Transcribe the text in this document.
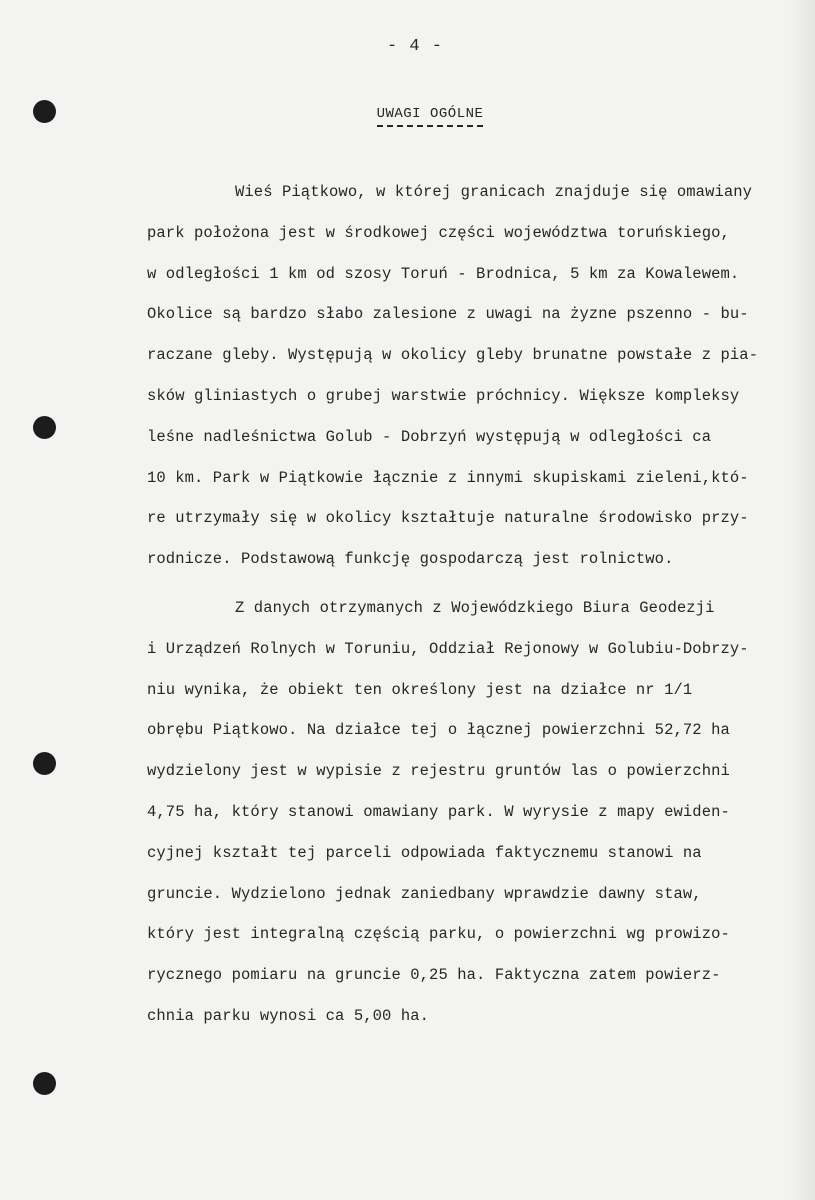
- 4 -
UWAGI OGÓLNE
Wieś Piątkowo, w której granicach znajduje się omawiany
park położona jest w środkowej części województwa toruńskiego,
w odległości 1 km od szosy Toruń - Brodnica, 5 km za Kowalewem.
Okolice są bardzo słabo zalesione z uwagi na żyzne pszenno - bu-
raczane gleby. Występują w okolicy gleby brunatne powstałe z pia-
sków gliniastych o grubej warstwie próchnicy. Większe kompleksy
leśne nadleśnictwa Golub - Dobrzyń występują w odległości ca
10 km. Park w Piątkowie łącznie z innymi skupiskami zieleni,któ-
re utrzymały się w okolicy kształtuje naturalne środowisko przy-
rodnicze. Podstawową funkcję gospodarczą jest rolnictwo.
Z danych otrzymanych z Wojewódzkiego Biura Geodezji
i Urządzeń Rolnych w Toruniu, Oddział Rejonowy w Golubiu-Dobrzy-
niu wynika, że obiekt ten określony jest na działce nr 1/1
obrębu Piątkowo. Na działce tej o łącznej powierzchni 52,72 ha
wydzielony jest w wypisie z rejestru gruntów las o powierzchni
4,75 ha, który stanowi omawiany park. W wyrysie z mapy ewiden-
cyjnej kształt tej parceli odpowiada faktycznemu stanowi na
gruncie. Wydzielono jednak zaniedbany wprawdzie dawny staw,
który jest integralną częścią parku, o powierzchni wg prowizo-
rycznego pomiaru na gruncie 0,25 ha. Faktyczna zatem powierz-
chnia parku wynosi ca 5,00 ha.
